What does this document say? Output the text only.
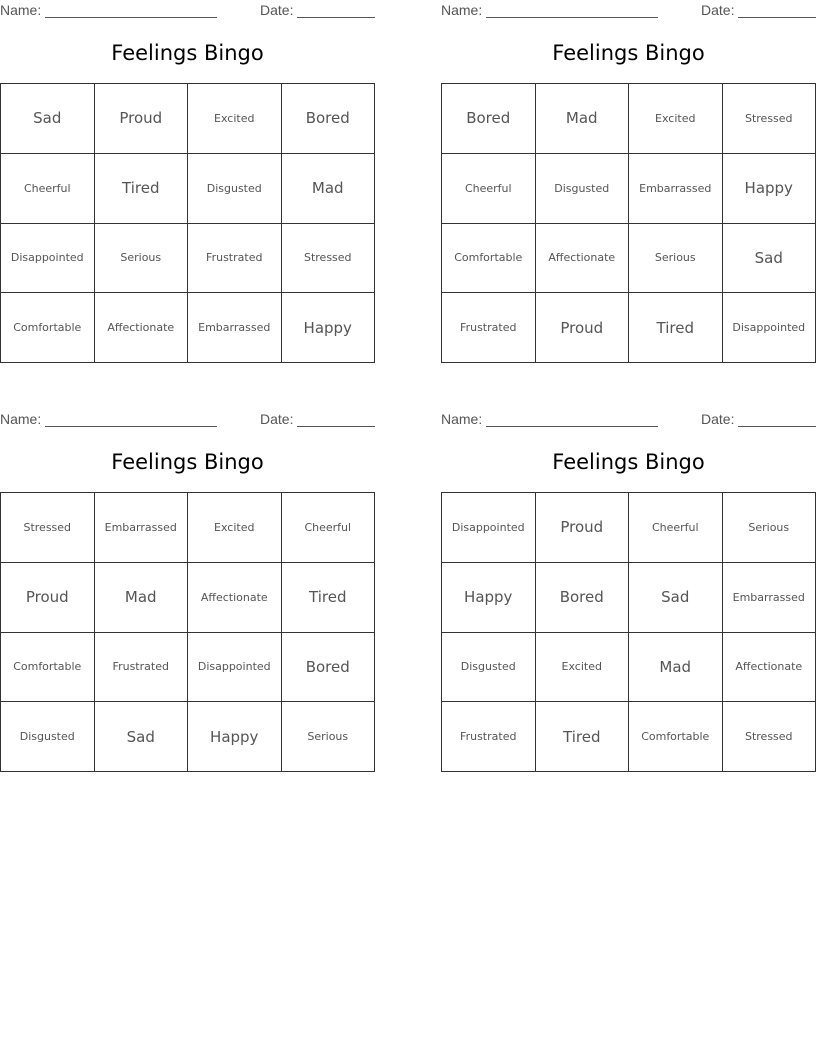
Name:	Date:
Feelings Bingo
Sad	Proud	Excited	Bored
Cheerful	Tired	Disgusted	Mad
Disappointed	Serious	Frustrated	Stressed
Comfortable	Affectionate	Embarrassed	Happy
Name:	Date:
Feelings Bingo
Bored	Mad	Excited	Stressed
Cheerful	Disgusted	Embarrassed	Happy
Comfortable	Affectionate	Serious	Sad
Frustrated	Proud	Tired	Disappointed
Name:	Date:
Feelings Bingo
Stressed	Embarrassed	Excited	Cheerful
Proud	Mad	Affectionate	Tired
Comfortable	Frustrated	Disappointed	Bored
Disgusted	Sad	Happy	Serious
Name:	Date:
Feelings Bingo
Disappointed	Proud	Cheerful	Serious
Happy	Bored	Sad	Embarrassed
Disgusted	Excited	Mad	Affectionate
Frustrated	Tired	Comfortable	Stressed
